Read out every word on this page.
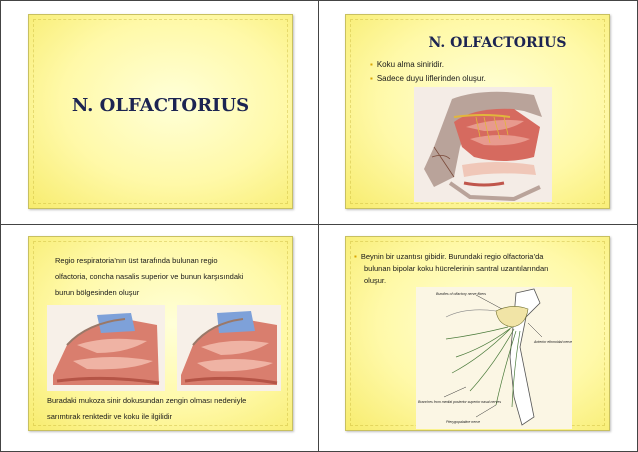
N. OLFACTORIUS
N. OLFACTORIUS
▪ Koku alma siniridir.
▪ Sadece duyu liflerinden oluşur.
Regio respiratoria’nın üst tarafında bulunan regio
olfactoria, concha nasalis superior ve bunun karşısındaki
burun bölgesinden oluşur
Buradaki mukoza sinir dokusundan zengin olması nedeniyle
sarımtırak renktedir ve koku ile ilgilidir
▪ Beynin bir uzantısı gibidir. Burundaki regio olfactoria’da
bulunan bipolar koku hücrelerinin santral uzantılarından
oluşur.
Bundles of olfactory nerve fibers
Anterior ethmoidal nerve
Branches from medial posterior superior nasal nerves
Pterygopalatine nerve
